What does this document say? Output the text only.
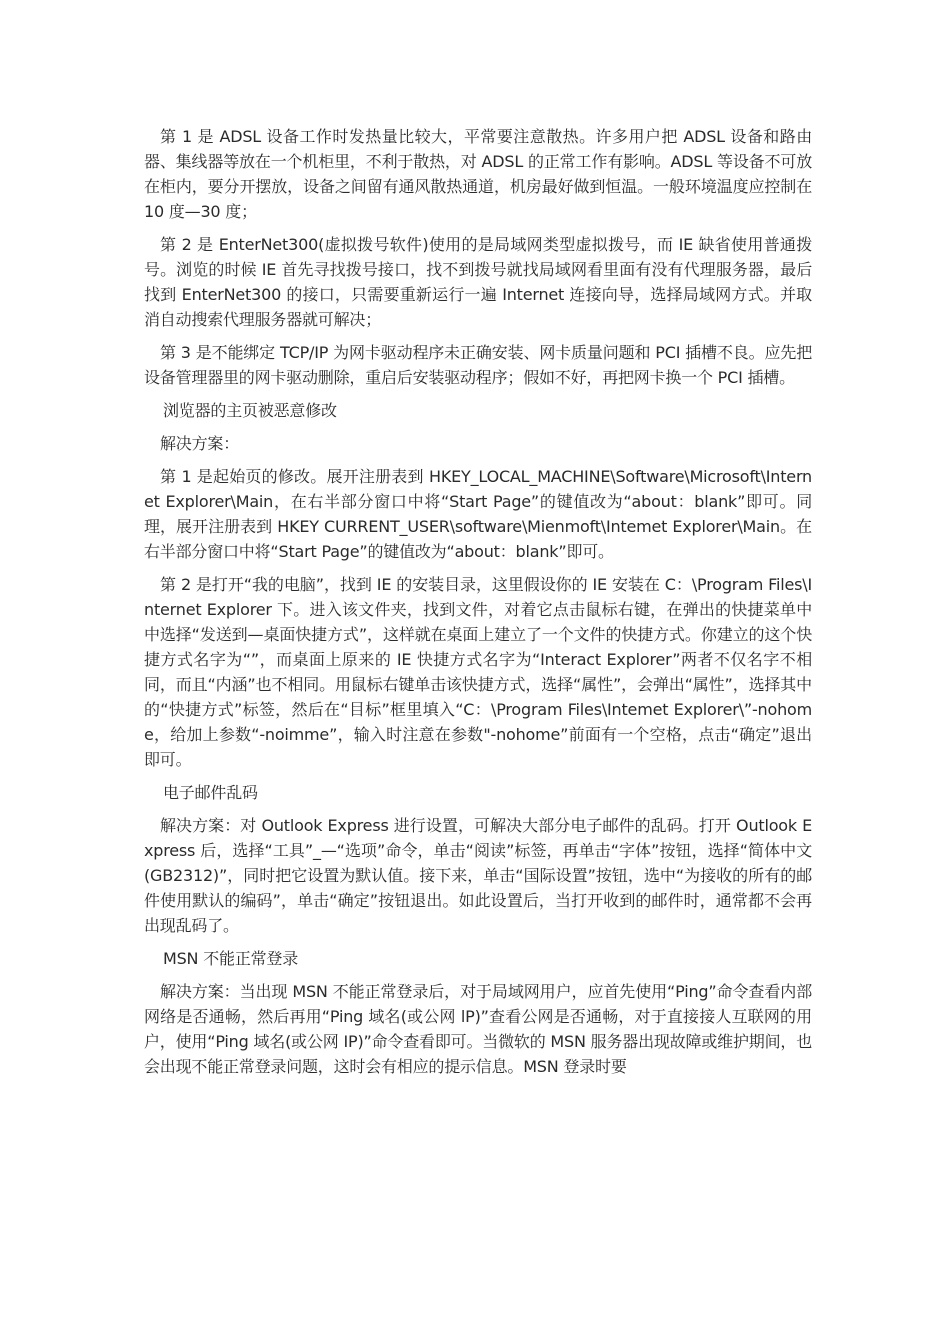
第 1 是 ADSL 设备工作时发热量比较大，平常要注意散热。许多用户把 ADSL 设备和路由器、集线器等放在一个机柜里，不利于散热，对 ADSL 的正常工作有影响。ADSL 等设备不可放在柜内，要分开摆放，设备之间留有通风散热通道，机房最好做到恒温。一般环境温度应控制在 10 度—30 度；

第 2 是 EnterNet300(虚拟拨号软件)使用的是局域网类型虚拟拨号，而 IE 缺省使用普通拨号。浏览的时候 IE 首先寻找拨号接口，找不到拨号就找局域网看里面有没有代理服务器，最后找到 EnterNet300 的接口，只需要重新运行一遍 Internet 连接向导，选择局域网方式。并取消自动搜索代理服务器就可解决；

第 3 是不能绑定 TCP/IP 为网卡驱动程序未正确安装、网卡质量问题和 PCI 插槽不良。应先把设备管理器里的网卡驱动删除，重启后安装驱动程序；假如不好，再把网卡换一个 PCI 插槽。

浏览器的主页被恶意修改

解决方案：

第 1 是起始页的修改。展开注册表到 HKEY_LOCAL_MACHINE\Software\Microsoft\Internet Explorer\Main，在右半部分窗口中将“Start Page”的键值改为“about：blank”即可。同理，展开注册表到 HKEY CURRENT_USER\software\Mienmoft\Intemet Explorer\Main。在右半部分窗口中将“Start Page”的键值改为“about：blank”即可。

第 2 是打开“我的电脑”，找到 IE 的安装目录，这里假设你的 IE 安装在 C：\Program Files\Internet Explorer 下。进入该文件夹，找到文件，对着它点击鼠标右键，在弹出的快捷菜单中中选择“发送到—桌面快捷方式”，这样就在桌面上建立了一个文件的快捷方式。你建立的这个快捷方式名字为“”，而桌面上原来的 IE 快捷方式名字为“Interact Explorer”两者不仅名字不相同，而且“内涵”也不相同。用鼠标右键单击该快捷方式，选择“属性”，会弹出“属性”，选择其中的“快捷方式”标签，然后在“目标”框里填入“C：\Program Files\Intemet Explorer\”-nohome，给加上参数“-noimme”，输入时注意在参数"-nohome”前面有一个空格，点击“确定”退出即可。

电子邮件乱码

解决方案：对 Outlook Express 进行设置，可解决大部分电子邮件的乱码。打开 Outlook Express 后，选择“工具”_—“选项”命令，单击“阅读”标签，再单击“字体”按钮，选择“简体中文(GB2312)”，同时把它设置为默认值。接下来，单击“国际设置”按钮，选中“为接收的所有的邮件使用默认的编码”，单击“确定”按钮退出。如此设置后，当打开收到的邮件时，通常都不会再出现乱码了。

MSN 不能正常登录

解决方案：当出现 MSN 不能正常登录后，对于局域网用户，应首先使用“Ping”命令查看内部网络是否通畅，然后再用“Ping 域名(或公网 lP)”查看公网是否通畅，对于直接接人互联网的用户，使用“Ping 域名(或公网 IP)”命令查看即可。当微软的 MSN 服务器出现故障或维护期间，也会出现不能正常登录问题，这时会有相应的提示信息。MSN 登录时要
